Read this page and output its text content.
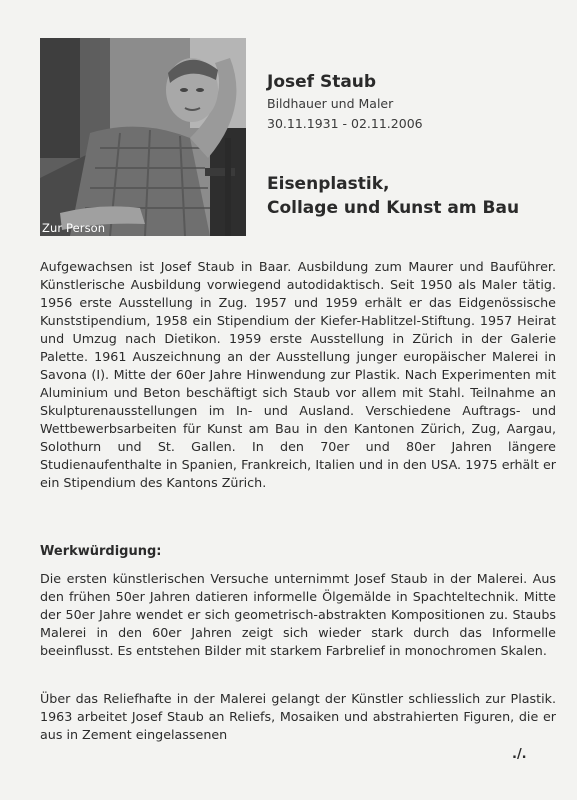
Zur Person
Josef Staub
Bildhauer und Maler
30.11.1931 - 02.11.2006
Eisenplastik,
Collage und Kunst am Bau
Aufgewachsen ist Josef Staub in Baar. Ausbildung zum Maurer und Bauführer. Künstlerische Ausbildung vorwiegend autodidaktisch. Seit 1950 als Maler tätig. 1956 erste Ausstellung in Zug. 1957 und 1959 erhält er das Eidgenössische Kunststipendium, 1958 ein Stipendium der Kiefer-Hablitzel-Stiftung. 1957 Heirat und Umzug nach Dietikon. 1959 erste Ausstellung in Zürich in der Galerie Palette. 1961 Auszeichnung an der Ausstellung junger europäischer Malerei in Savona (I). Mitte der 60er Jahre Hinwendung zur Plastik. Nach Experimenten mit Aluminium und Beton beschäftigt sich Staub vor allem mit Stahl. Teilnahme an Skulpturenausstellungen im In- und Ausland. Verschiedene Auftrags- und Wettbewerbsarbeiten für Kunst am Bau in den Kantonen Zürich, Zug, Aargau, Solothurn und St. Gallen. In den 70er und 80er Jahren längere Studienaufenthalte in Spanien, Frankreich, Italien und in den USA. 1975 erhält er ein Stipendium des Kantons Zürich.
Werkwürdigung:
Die ersten künstlerischen Versuche unternimmt Josef Staub in der Malerei. Aus den frühen 50er Jahren datieren informelle Ölgemälde in Spachteltechnik. Mitte der 50er Jahre wendet er sich geometrisch-abstrakten Kompositionen zu. Staubs Malerei in den 60er Jahren zeigt sich wieder stark durch das Informelle beeinflusst. Es entstehen Bilder mit starkem Farbrelief in monochromen Skalen.
Über das Reliefhafte in der Malerei gelangt der Künstler schliesslich zur Plastik. 1963 arbeitet Josef Staub an Reliefs, Mosaiken und abstrahierten Figuren, die er aus in Zement eingelassenen
./.
